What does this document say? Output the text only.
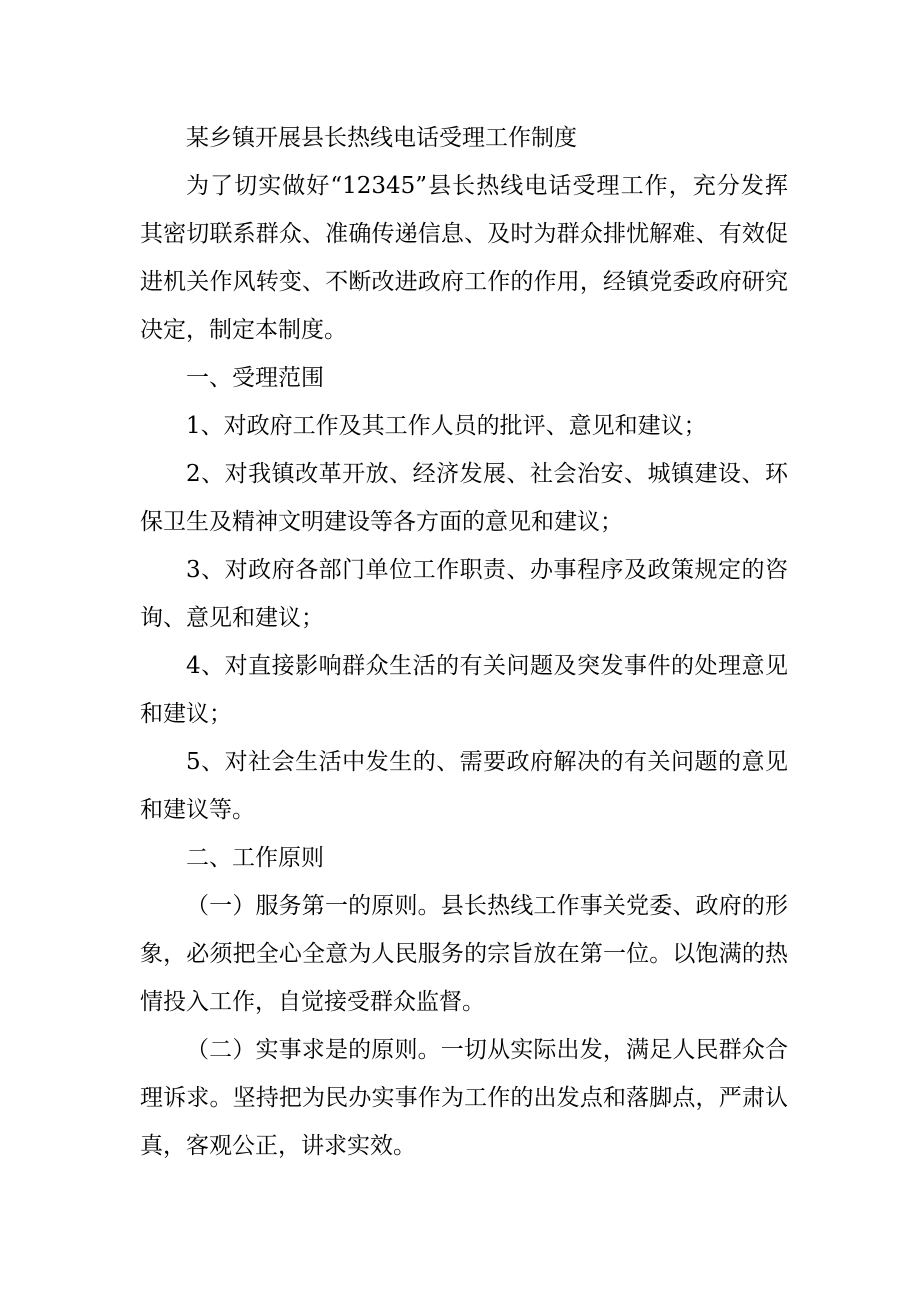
某乡镇开展县长热线电话受理工作制度

为了切实做好“12345”县长热线电话受理工作，充分发挥其密切联系群众、准确传递信息、及时为群众排忧解难、有效促进机关作风转变、不断改进政府工作的作用，经镇党委政府研究决定，制定本制度。

一、受理范围

1、对政府工作及其工作人员的批评、意见和建议；

2、对我镇改革开放、经济发展、社会治安、城镇建设、环保卫生及精神文明建设等各方面的意见和建议；

3、对政府各部门单位工作职责、办事程序及政策规定的咨询、意见和建议；

4、对直接影响群众生活的有关问题及突发事件的处理意见和建议；

5、对社会生活中发生的、需要政府解决的有关问题的意见和建议等。

二、工作原则

（一）服务第一的原则。县长热线工作事关党委、政府的形象，必须把全心全意为人民服务的宗旨放在第一位。以饱满的热情投入工作，自觉接受群众监督。

（二）实事求是的原则。一切从实际出发，满足人民群众合理诉求。坚持把为民办实事作为工作的出发点和落脚点，严肃认真，客观公正，讲求实效。
